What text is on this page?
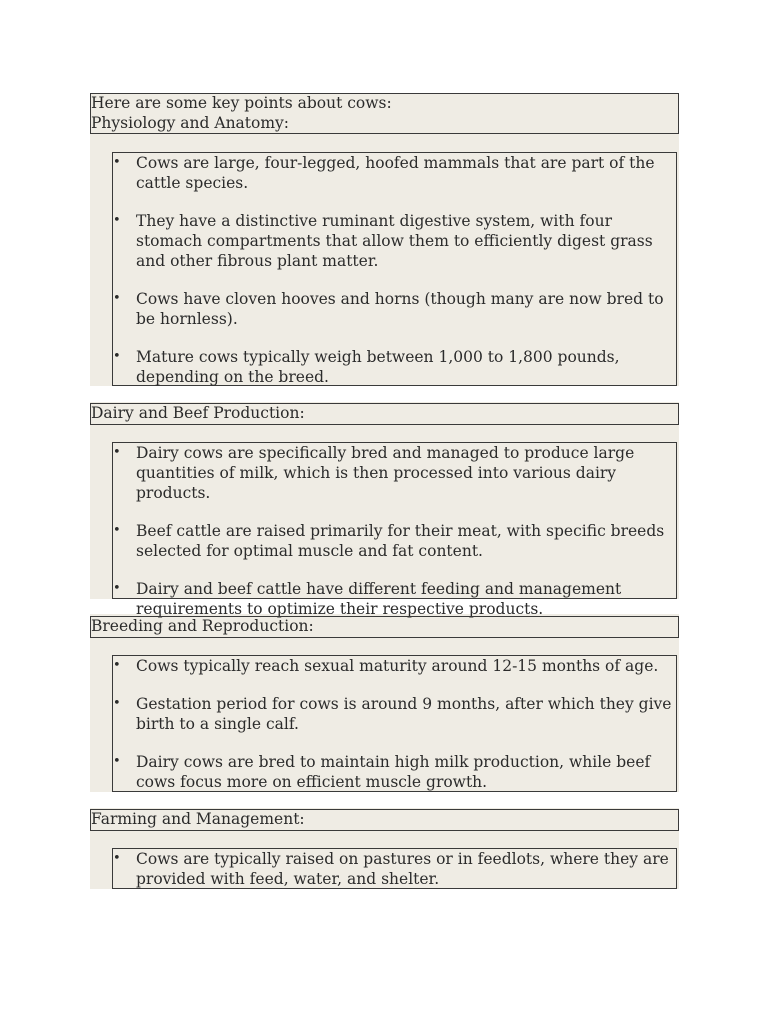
Here are some key points about cows:
Physiology and Anatomy:
• Cows are large, four-legged, hoofed mammals that are part of the cattle species.
• They have a distinctive ruminant digestive system, with four stomach compartments that allow them to efficiently digest grass and other fibrous plant matter.
• Cows have cloven hooves and horns (though many are now bred to be hornless).
• Mature cows typically weigh between 1,000 to 1,800 pounds, depending on the breed.
Dairy and Beef Production:
• Dairy cows are specifically bred and managed to produce large quantities of milk, which is then processed into various dairy products.
• Beef cattle are raised primarily for their meat, with specific breeds selected for optimal muscle and fat content.
• Dairy and beef cattle have different feeding and management requirements to optimize their respective products.
Breeding and Reproduction:
• Cows typically reach sexual maturity around 12-15 months of age.
• Gestation period for cows is around 9 months, after which they give birth to a single calf.
• Dairy cows are bred to maintain high milk production, while beef cows focus more on efficient muscle growth.
Farming and Management:
• Cows are typically raised on pastures or in feedlots, where they are provided with feed, water, and shelter.
